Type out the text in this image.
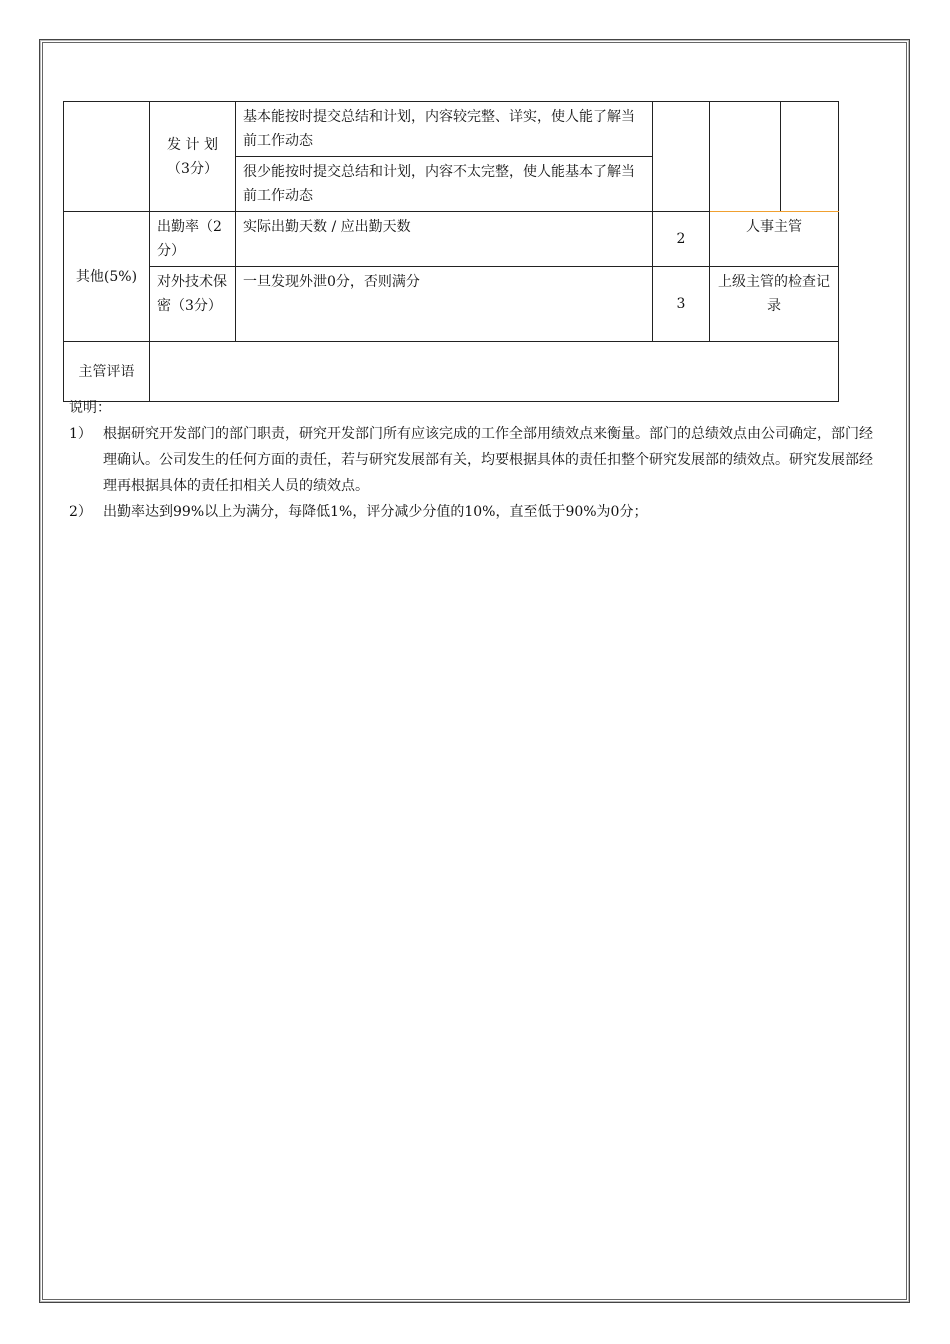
	发 计 划（3分）	基本能按时提交总结和计划，内容较完整、详实，使人能了解当前工作动态			
		很少能按时提交总结和计划，内容不太完整，使人能基本了解当前工作动态			
其他(5%)	出勤率（2分）	实际出勤天数 / 应出勤天数	2	人事主管	
	对外技术保密（3分）	一旦发现外泄0分，否则满分	3	上级主管的检查记录	
主管评语					
说明：
1） 根据研究开发部门的部门职责，研究开发部门所有应该完成的工作全部用绩效点来衡量。部门的总绩效点由公司确定，部门经理确认。公司发生的任何方面的责任，若与研究发展部有关，均要根据具体的责任扣整个研究发展部的绩效点。研究发展部经理再根据具体的责任扣相关人员的绩效点。
2） 出勤率达到99%以上为满分，每降低1%，评分减少分值的10%，直至低于90%为0分；
